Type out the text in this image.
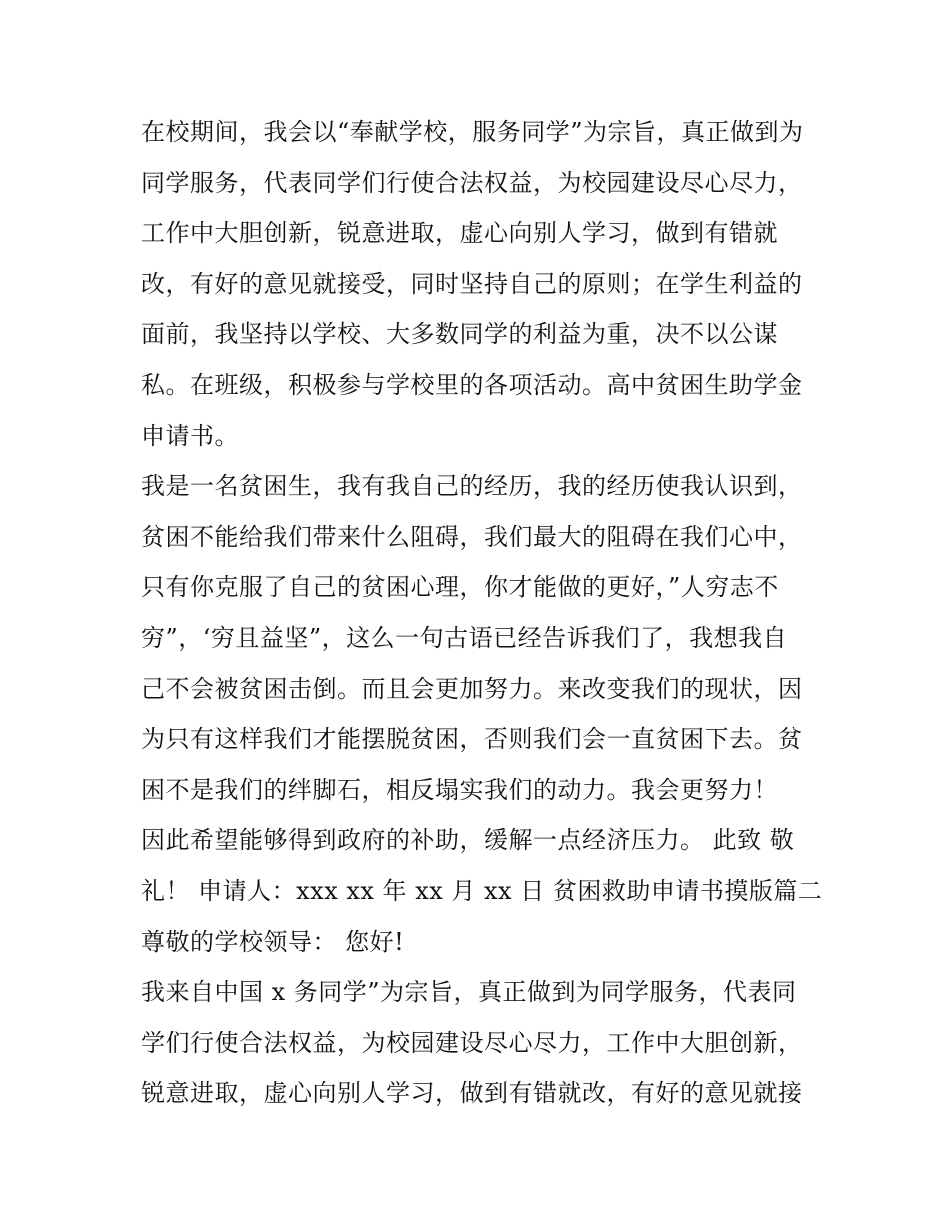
在校期间，我会以“奉献学校，服务同学”为宗旨，真正做到为
同学服务，代表同学们行使合法权益，为校园建设尽心尽力，
工作中大胆创新，锐意进取，虚心向别人学习，做到有错就
改，有好的意见就接受，同时坚持自己的原则；在学生利益的
面前，我坚持以学校、大多数同学的利益为重，决不以公谋
私。在班级，积极参与学校里的各项活动。高中贫困生助学金
申请书。
我是一名贫困生，我有我自己的经历，我的经历使我认识到，
贫困不能给我们带来什么阻碍，我们最大的阻碍在我们心中，
只有你克服了自己的贫困心理，你才能做的更好，”人穷志不
穷”，‘穷且益坚”，这么一句古语已经告诉我们了，我想我自
己不会被贫困击倒。而且会更加努力。来改变我们的现状，因
为只有这样我们才能摆脱贫困，否则我们会一直贫困下去。贫
困不是我们的绊脚石，相反塌实我们的动力。我会更努力！
因此希望能够得到政府的补助，缓解一点经济压力。 此致 敬
礼！ 申请人：xxx xx 年 xx 月 xx 日 贫困救助申请书摸版篇二
尊敬的学校领导： 您好!
我来自中国 x 务同学”为宗旨，真正做到为同学服务，代表同
学们行使合法权益，为校园建设尽心尽力，工作中大胆创新，
锐意进取，虚心向别人学习，做到有错就改，有好的意见就接
